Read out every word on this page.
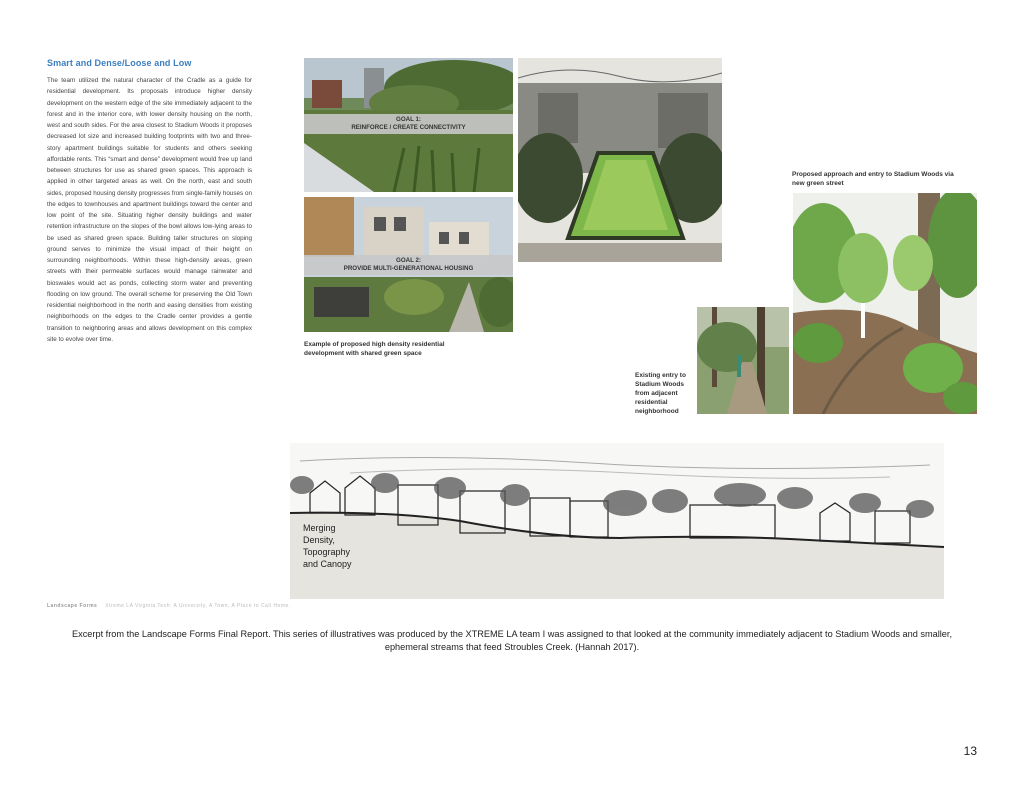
Smart and Dense/Loose and Low
The team utilized the natural character of the Cradle as a guide for residential development. Its proposals introduce higher density development on the western edge of the site immediately adjacent to the forest and in the interior core, with lower density housing on the north, west and south sides. For the area closest to Stadium Woods it proposes decreased lot size and increased building footprints with two and three-story apartment buildings suitable for students and others seeking affordable rents. This “smart and dense” development would free up land between structures for use as shared green spaces. This approach is applied in other targeted areas as well. On the north, east and south sides, proposed housing density progresses from single-family houses on the edges to townhouses and apartment buildings toward the center and low point of the site. Situating higher density buildings and water retention infrastructure on the slopes of the bowl allows low-lying areas to be used as shared green space. Building taller structures on sloping ground serves to minimize the visual impact of their height on surrounding neighborhoods. Within these high-density areas, green streets with their permeable surfaces would manage rainwater and bioswales would act as ponds, collecting storm water and preventing flooding on low ground. The overall scheme for preserving the Old Town residential neighborhood in the north and easing densities from existing neighborhoods on the edges to the Cradle center provides a gentle transition to neighboring areas and allows development on this complex site to evolve over time.
GOAL 1:
REINFORCE / CREATE CONNECTIVITY
GOAL 2:
PROVIDE MULTI-GENERATIONAL HOUSING
Example of proposed high density residential development with shared green space
Proposed approach and entry to Stadium Woods via new green street
Existing entry to Stadium Woods from adjacent residential neighborhood
Merging Density, Topography and Canopy
Landscape Forms Xtreme LA Virginia Tech: A University, A Town, A Place to Call Home.
Excerpt from the Landscape Forms Final Report. This series of illustratives was produced by the XTREME LA team I was assigned to that looked at the community immediately adjacent to Stadium Woods and smaller, ephemeral streams that feed Stroubles Creek. (Hannah 2017).
13
